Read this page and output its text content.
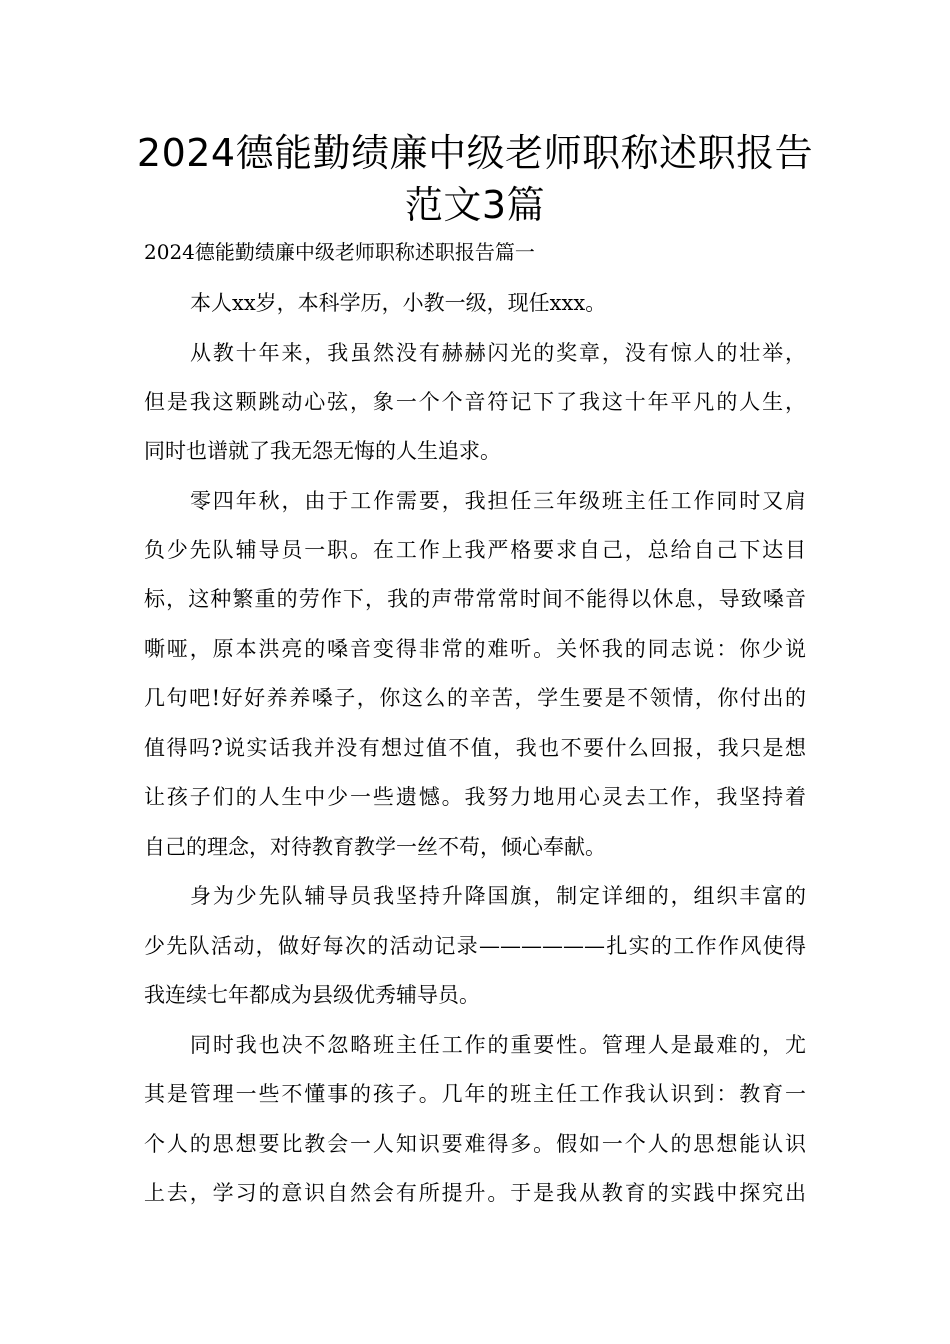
2024德能勤绩廉中级老师职称述职报告
范文3篇

2024德能勤绩廉中级老师职称述职报告篇一

本人xx岁，本科学历，小教一级，现任xxx。

从教十年来，我虽然没有赫赫闪光的奖章，没有惊人的壮举，

但是我这颗跳动心弦，象一个个音符记下了我这十年平凡的人生，

同时也谱就了我无怨无悔的人生追求。

零四年秋，由于工作需要，我担任三年级班主任工作同时又肩

负少先队辅导员一职。在工作上我严格要求自己，总给自己下达目

标，这种繁重的劳作下，我的声带常常时间不能得以休息，导致嗓音

嘶哑，原本洪亮的嗓音变得非常的难听。关怀我的同志说：你少说

几句吧!好好养养嗓子，你这么的辛苦，学生要是不领情，你付出的

值得吗?说实话我并没有想过值不值，我也不要什么回报，我只是想

让孩子们的人生中少一些遗憾。我努力地用心灵去工作，我坚持着

自己的理念，对待教育教学一丝不苟，倾心奉献。

身为少先队辅导员我坚持升降国旗，制定详细的，组织丰富的

少先队活动，做好每次的活动记录——————扎实的工作作风使得

我连续七年都成为县级优秀辅导员。

同时我也决不忽略班主任工作的重要性。管理人是最难的，尤

其是管理一些不懂事的孩子。几年的班主任工作我认识到：教育一

个人的思想要比教会一人知识要难得多。假如一个人的思想能认识

上去，学习的意识自然会有所提升。于是我从教育的实践中探究出
